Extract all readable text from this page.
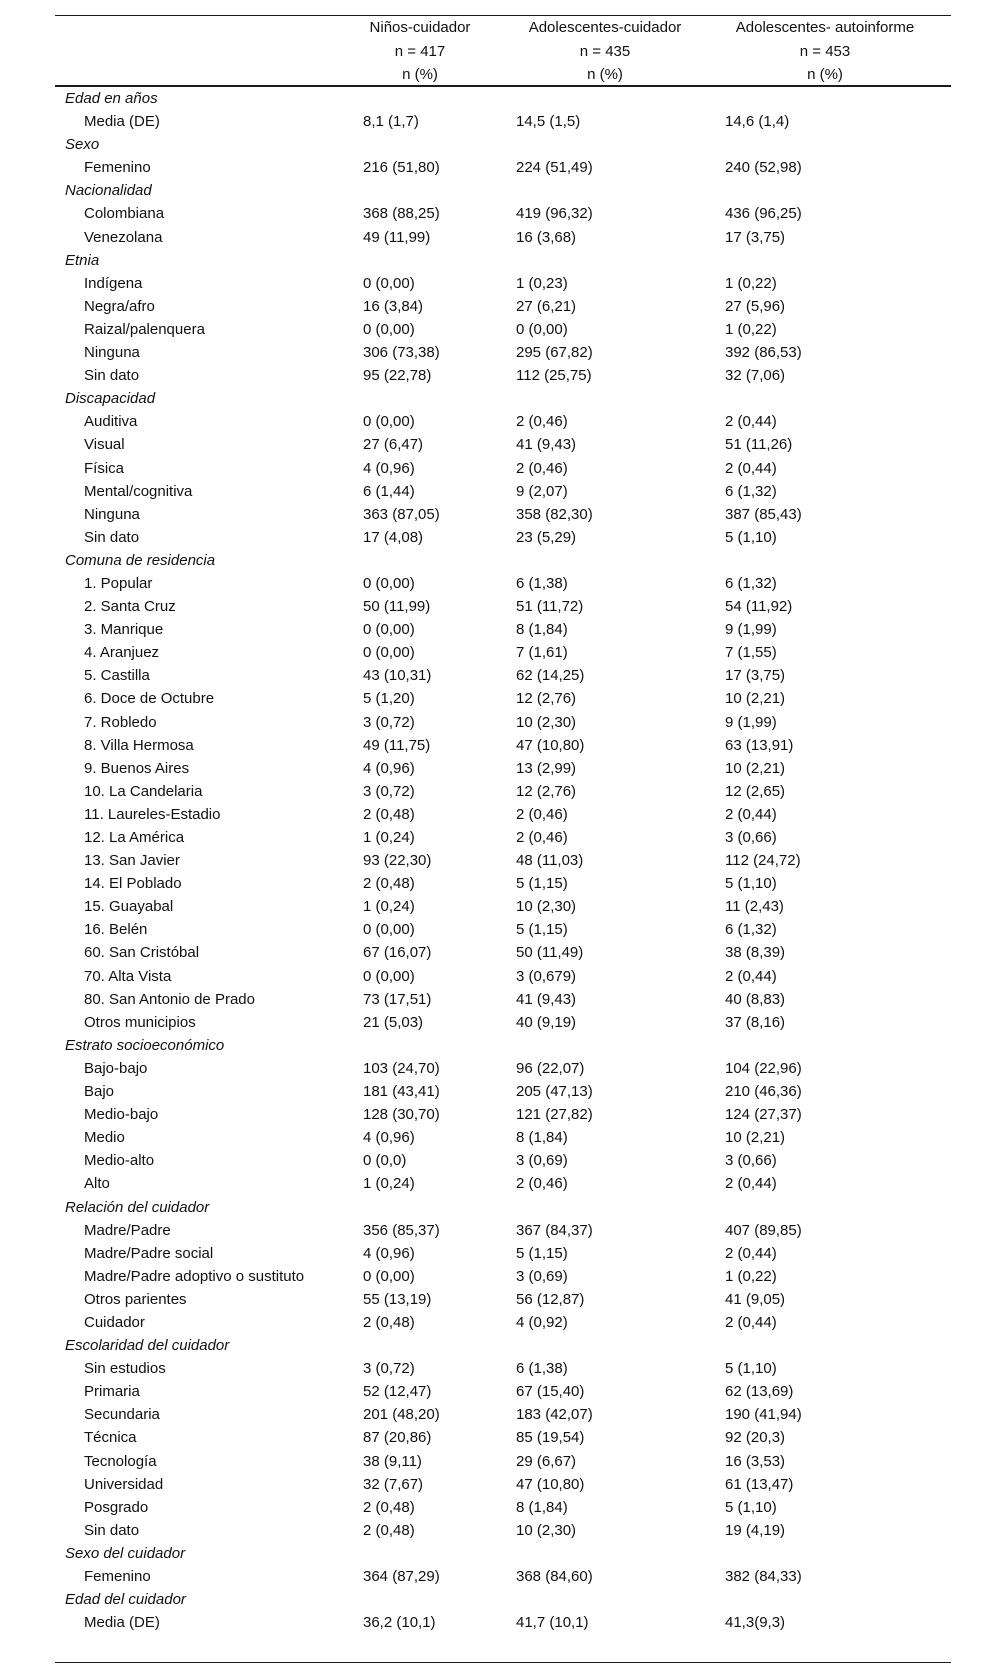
Niños-cuidador
n = 417
n (%)
Adolescentes-cuidador
n = 435
n (%)
Adolescentes- autoinforme
n = 453
n (%)
Edad en años
Media (DE)	8,1 (1,7)	14,5 (1,5)	14,6 (1,4)
Sexo
Femenino	216 (51,80)	224 (51,49)	240 (52,98)
Nacionalidad
Colombiana	368 (88,25)	419 (96,32)	436 (96,25)
Venezolana	49 (11,99)	16 (3,68)	17 (3,75)
Etnia
Indígena	0 (0,00)	1 (0,23)	1 (0,22)
Negra/afro	16 (3,84)	27 (6,21)	27 (5,96)
Raizal/palenquera	0 (0,00)	0 (0,00)	1 (0,22)
Ninguna	306 (73,38)	295 (67,82)	392 (86,53)
Sin dato	95 (22,78)	112 (25,75)	32 (7,06)
Discapacidad
Auditiva	0 (0,00)	2 (0,46)	2 (0,44)
Visual	27 (6,47)	41 (9,43)	51 (11,26)
Física	4 (0,96)	2 (0,46)	2 (0,44)
Mental/cognitiva	6 (1,44)	9 (2,07)	6 (1,32)
Ninguna	363 (87,05)	358 (82,30)	387 (85,43)
Sin dato	17 (4,08)	23 (5,29)	5 (1,10)
Comuna de residencia
1. Popular	0 (0,00)	6 (1,38)	6 (1,32)
2. Santa Cruz	50 (11,99)	51 (11,72)	54 (11,92)
3. Manrique	0 (0,00)	8 (1,84)	9 (1,99)
4. Aranjuez	0 (0,00)	7 (1,61)	7 (1,55)
5. Castilla	43 (10,31)	62 (14,25)	17 (3,75)
6. Doce de Octubre	5 (1,20)	12 (2,76)	10 (2,21)
7. Robledo	3 (0,72)	10 (2,30)	9 (1,99)
8. Villa Hermosa	49 (11,75)	47 (10,80)	63 (13,91)
9. Buenos Aires	4 (0,96)	13 (2,99)	10 (2,21)
10. La Candelaria	3 (0,72)	12 (2,76)	12 (2,65)
11. Laureles-Estadio	2 (0,48)	2 (0,46)	2 (0,44)
12. La América	1 (0,24)	2 (0,46)	3 (0,66)
13. San Javier	93 (22,30)	48 (11,03)	112 (24,72)
14. El Poblado	2 (0,48)	5 (1,15)	5 (1,10)
15. Guayabal	1 (0,24)	10 (2,30)	11 (2,43)
16. Belén	0 (0,00)	5 (1,15)	6 (1,32)
60. San Cristóbal	67 (16,07)	50 (11,49)	38 (8,39)
70. Alta Vista	0 (0,00)	3 (0,679)	2 (0,44)
80. San Antonio de Prado	73 (17,51)	41 (9,43)	40 (8,83)
Otros municipios	21 (5,03)	40 (9,19)	37 (8,16)
Estrato socioeconómico
Bajo-bajo	103 (24,70)	96 (22,07)	104 (22,96)
Bajo	181 (43,41)	205 (47,13)	210 (46,36)
Medio-bajo	128 (30,70)	121 (27,82)	124 (27,37)
Medio	4 (0,96)	8 (1,84)	10 (2,21)
Medio-alto	0 (0,0)	3 (0,69)	3 (0,66)
Alto	1 (0,24)	2 (0,46)	2 (0,44)
Relación del cuidador
Madre/Padre	356 (85,37)	367 (84,37)	407 (89,85)
Madre/Padre social	4 (0,96)	5 (1,15)	2 (0,44)
Madre/Padre adoptivo o sustituto	0 (0,00)	3 (0,69)	1 (0,22)
Otros parientes	55 (13,19)	56 (12,87)	41 (9,05)
Cuidador	2 (0,48)	4 (0,92)	2 (0,44)
Escolaridad del cuidador
Sin estudios	3 (0,72)	6 (1,38)	5 (1,10)
Primaria	52 (12,47)	67 (15,40)	62 (13,69)
Secundaria	201 (48,20)	183 (42,07)	190 (41,94)
Técnica	87 (20,86)	85 (19,54)	92 (20,3)
Tecnología	38 (9,11)	29 (6,67)	16 (3,53)
Universidad	32 (7,67)	47 (10,80)	61 (13,47)
Posgrado	2 (0,48)	8 (1,84)	5 (1,10)
Sin dato	2 (0,48)	10 (2,30)	19 (4,19)
Sexo del cuidador
Femenino	364 (87,29)	368 (84,60)	382 (84,33)
Edad del cuidador
Media (DE)	36,2 (10,1)	41,7 (10,1)	41,3(9,3)
